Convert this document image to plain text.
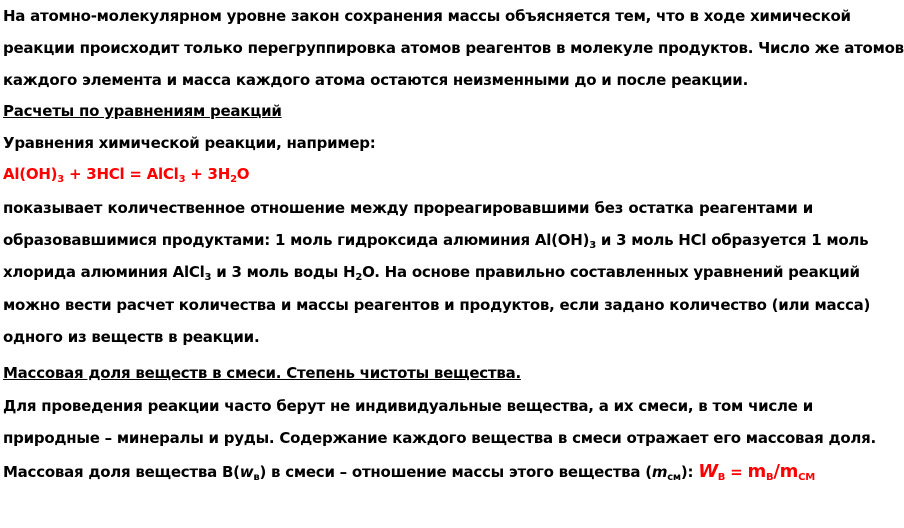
На атомно-молекулярном уровне закон сохранения массы объясняется тем, что в ходе химической
реакции происходит только перегруппировка атомов реагентов в молекуле продуктов. Число же атомов
каждого элемента и масса каждого атома остаются неизменными до и после реакции.
Расчеты по уравнениям реакций
Уравнения химической реакции, например:
$Al(OH)_3 + 3HCl$ = AlCl$_3$ + $3H_2O$
показывает количественное отношение между прореагировавшими без остатка реагентами и
образовавшимися продуктами: 1 моль гидроксида алюминия $Al(OH)_3$ и 3 моль HCl образуется 1 моль
хлорида алюминия AlCl$_3$ и 3 моль воды $H_2O$. На основе правильно составленных уравнений реакций
можно вести расчет количества и массы реагентов и продуктов, если задано количество (или масса)
одного из веществ в реакции.
Массовая доля веществ в смеси. Степень чистоты вещества.
Для проведения реакции часто берут не индивидуальные вещества, а их смеси, в том числе и
природные – минералы и руды. Содержание каждого вещества в смеси отражает его массовая доля.
Массовая доля вещества $B(w_в)$ в смеси – отношение массы этого вещества $(m_{см})$: $W_B = m_B/m_{CM}$
